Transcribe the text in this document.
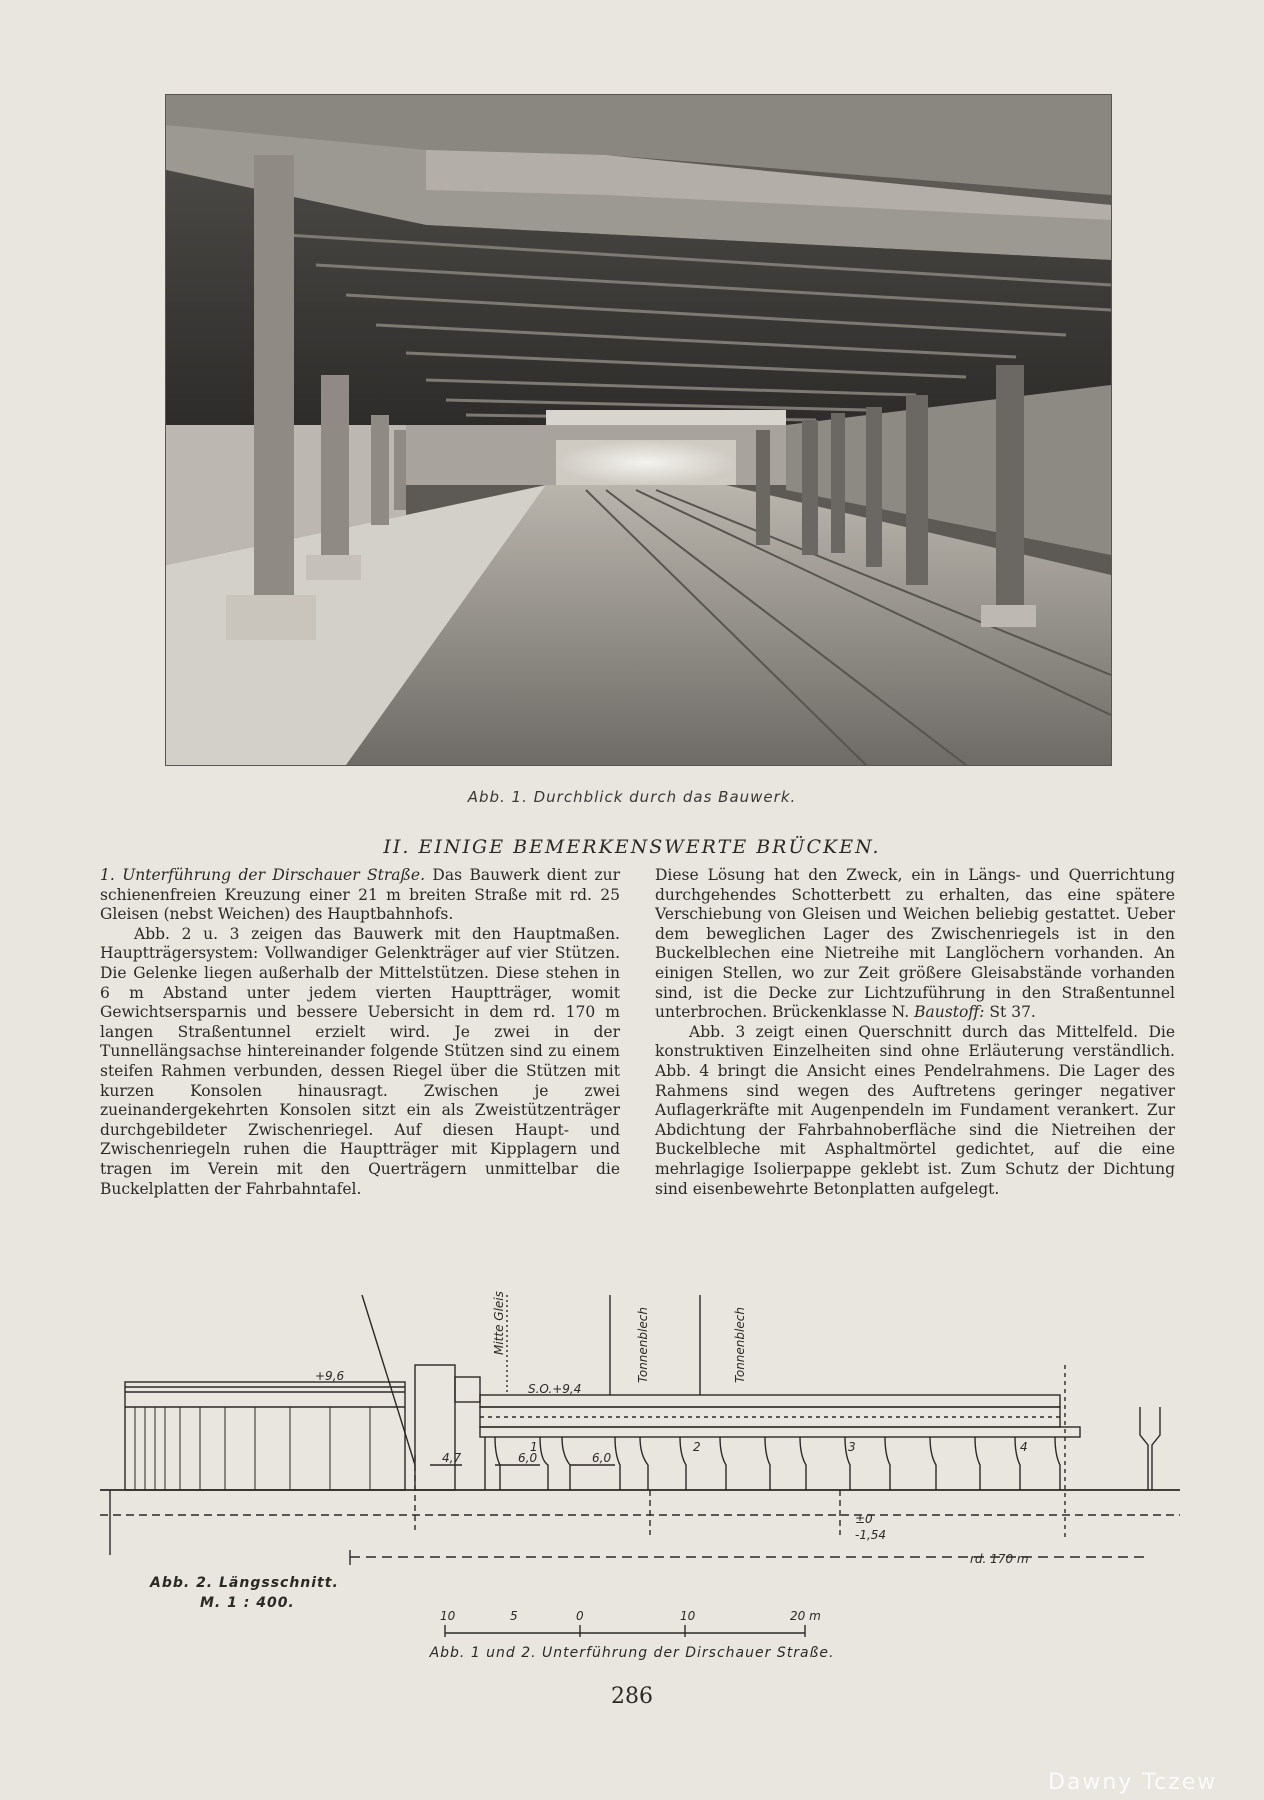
Abb. 1. Durchblick durch das Bauwerk.
II. EINIGE BEMERKENSWERTE BRÜCKEN.

1. Unterführung der Dirschauer Straße. Das Bauwerk dient zur schienenfreien Kreuzung einer 21 m breiten Straße mit rd. 25 Gleisen (nebst Weichen) des Hauptbahnhofs.

Abb. 2 u. 3 zeigen das Bauwerk mit den Hauptmaßen. Hauptträgersystem: Vollwandiger Gelenkträger auf vier Stützen. Die Gelenke liegen außerhalb der Mittelstützen. Diese stehen in 6 m Abstand unter jedem vierten Hauptträger, womit Gewichtsersparnis und bessere Uebersicht in dem rd. 170 m langen Straßentunnel erzielt wird. Je zwei in der Tunnellängsachse hintereinander folgende Stützen sind zu einem steifen Rahmen verbunden, dessen Riegel über die Stützen mit kurzen Konsolen hinausragt. Zwischen je zwei zueinandergekehrten Konsolen sitzt ein als Zweistützenträger durchgebildeter Zwischenriegel. Auf diesen Haupt- und Zwischenriegeln ruhen die Hauptträger mit Kipplagern und tragen im Verein mit den Querträgern unmittelbar die Buckelplatten der Fahrbahntafel.

Diese Lösung hat den Zweck, ein in Längs- und Querrichtung durchgehendes Schotterbett zu erhalten, das eine spätere Verschiebung von Gleisen und Weichen beliebig gestattet. Ueber dem beweglichen Lager des Zwischenriegels ist in den Buckelblechen eine Nietreihe mit Langlöchern vorhanden. An einigen Stellen, wo zur Zeit größere Gleisabstände vorhanden sind, ist die Decke zur Lichtzuführung in den Straßentunnel unterbrochen. Brückenklasse N. Baustoff: St 37.

Abb. 3 zeigt einen Querschnitt durch das Mittelfeld. Die konstruktiven Einzelheiten sind ohne Erläuterung verständlich. Abb. 4 bringt die Ansicht eines Pendelrahmens. Die Lager des Rahmens sind wegen des Auftretens geringer negativer Auflagerkräfte mit Augenpendeln im Fundament verankert. Zur Abdichtung der Fahrbahnoberfläche sind die Nietreihen der Buckelbleche mit Asphaltmörtel gedichtet, auf die eine mehrlagige Isolierpappe geklebt ist. Zum Schutz der Dichtung sind eisenbewehrte Betonplatten aufgelegt.

+9,6
S.O.+9,4
Mitte Gleis	Tonnenblech	Tonnenblech
4,7	6,0	6,0
1	2	3	4
±0
-1,54
rd. 170 m
10	5	0	10	20 m
Abb. 2. Längsschnitt.
M. 1 : 400.
Abb. 1 und 2. Unterführung der Dirschauer Straße.
286
Dawny Tczew
